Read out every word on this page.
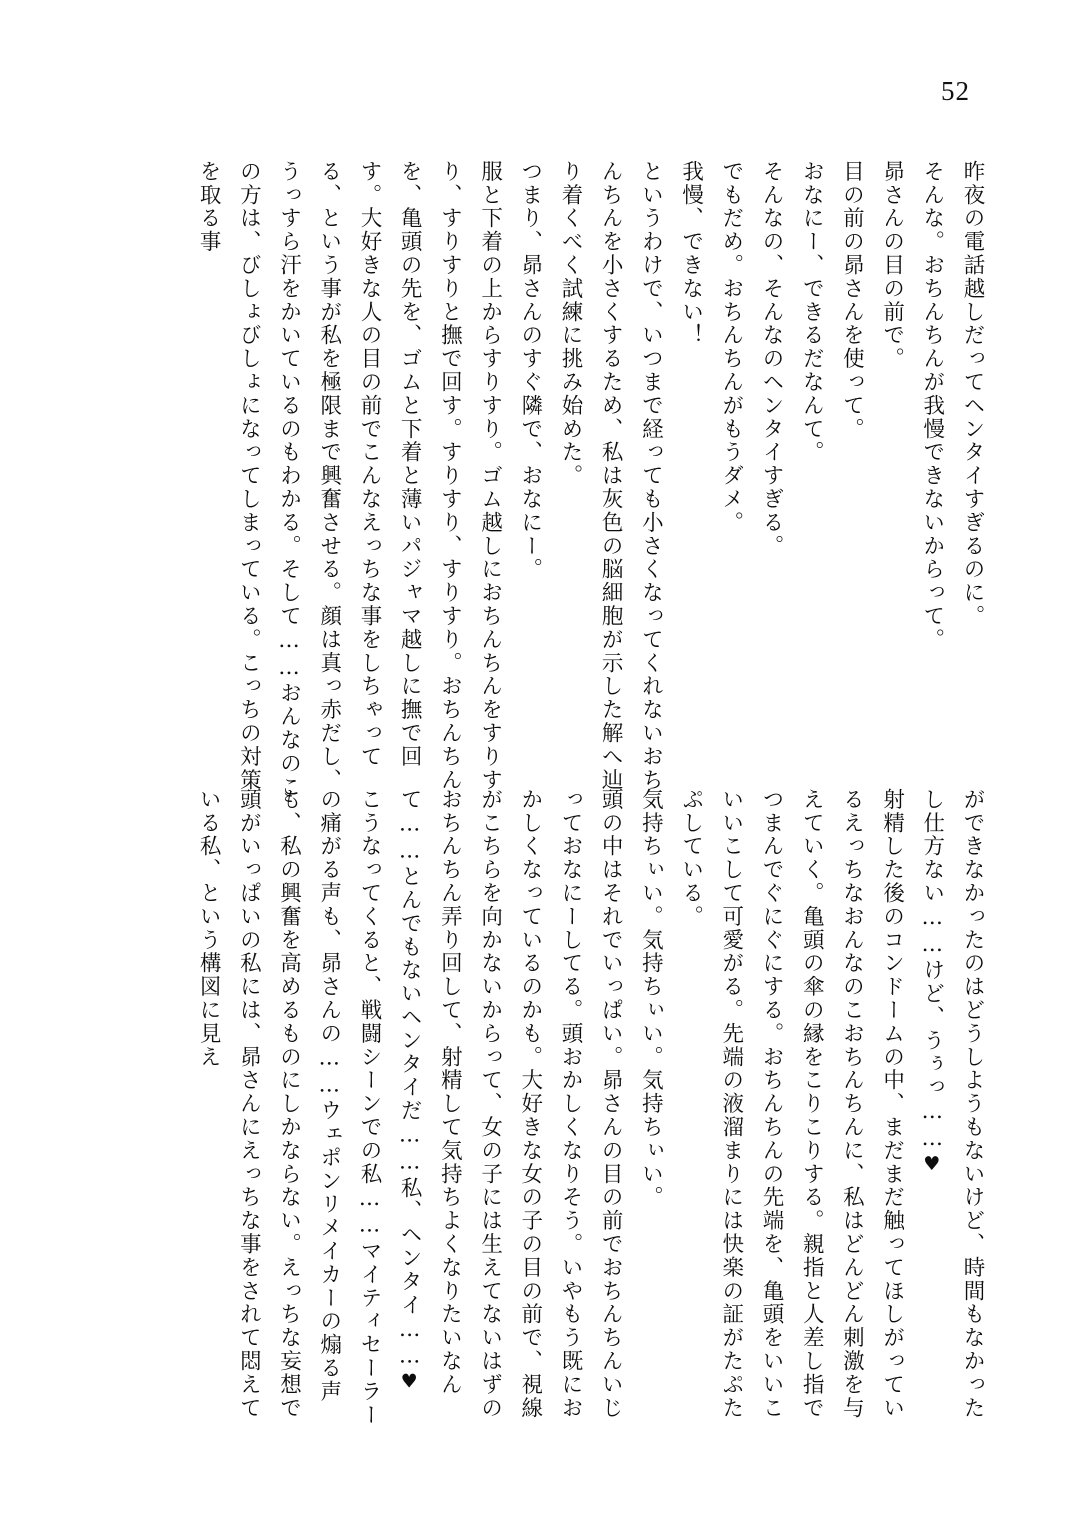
52

昨夜の電話越しだってヘンタイすぎるのに。

そんな。おちんちんが我慢できないからって。

昴さんの目の前で。

目の前の昴さんを使って。

おなにー、できるだなんて。

そんなの、そんなのヘンタイすぎる。

でもだめ。おちんちんがもうダメ。

我慢、できない！

というわけで、いつまで経っても小さくなってくれないおちんちんを小さくするため、私は灰色の脳細胞が示した解へ辿り着くべく試練に挑み始めた。

つまり、昴さんのすぐ隣で、おなにー。

服と下着の上からすりすり。ゴム越しにおちんちんをすりすり、すりすりと撫で回す。すりすり、すりすり。おちんちんを、亀頭の先を、ゴムと下着と薄いパジャマ越しに撫で回す。大好きな人の目の前でこんなえっちな事をしちゃってる、という事が私を極限まで興奮させる。顔は真っ赤だし、うっすら汗をかいているのもわかる。そして……おんなのこの方は、びしょびしょになってしまっている。こっちの対策を取る事

ができなかったのはどうしようもないけど、時間もなかったし仕方ない……けど、うぅっ……♥

射精した後のコンドームの中、まだまだ触ってほしがっているえっちなおんなのこおちんちんに、私はどんどん刺激を与えていく。亀頭の傘の縁をこりこりする。親指と人差し指でつまんでぐにぐにする。おちんちんの先端を、亀頭をいいこいいこして可愛がる。先端の液溜まりには快楽の証がたぷたぷしている。

気持ちぃい。気持ちぃい。気持ちぃい。

頭の中はそれでいっぱい。昴さんの目の前でおちんちんいじっておなにーしてる。頭おかしくなりそう。いやもう既におかしくなっているのかも。大好きな女の子の目の前で、視線がこちらを向かないからって、女の子には生えてないはずのおちんちん弄り回して、射精して気持ちよくなりたいなんて……とんでもないヘンタイだ……私、ヘンタイ……♥

こうなってくると、戦闘シーンでの私……マイティセーラーの痛がる声も、昴さんの……ウェポンリメイカーの煽る声も、私の興奮を高めるものにしかならない。えっちな妄想で頭がいっぱいの私には、昴さんにえっちな事をされて悶えている私、という構図に見え
